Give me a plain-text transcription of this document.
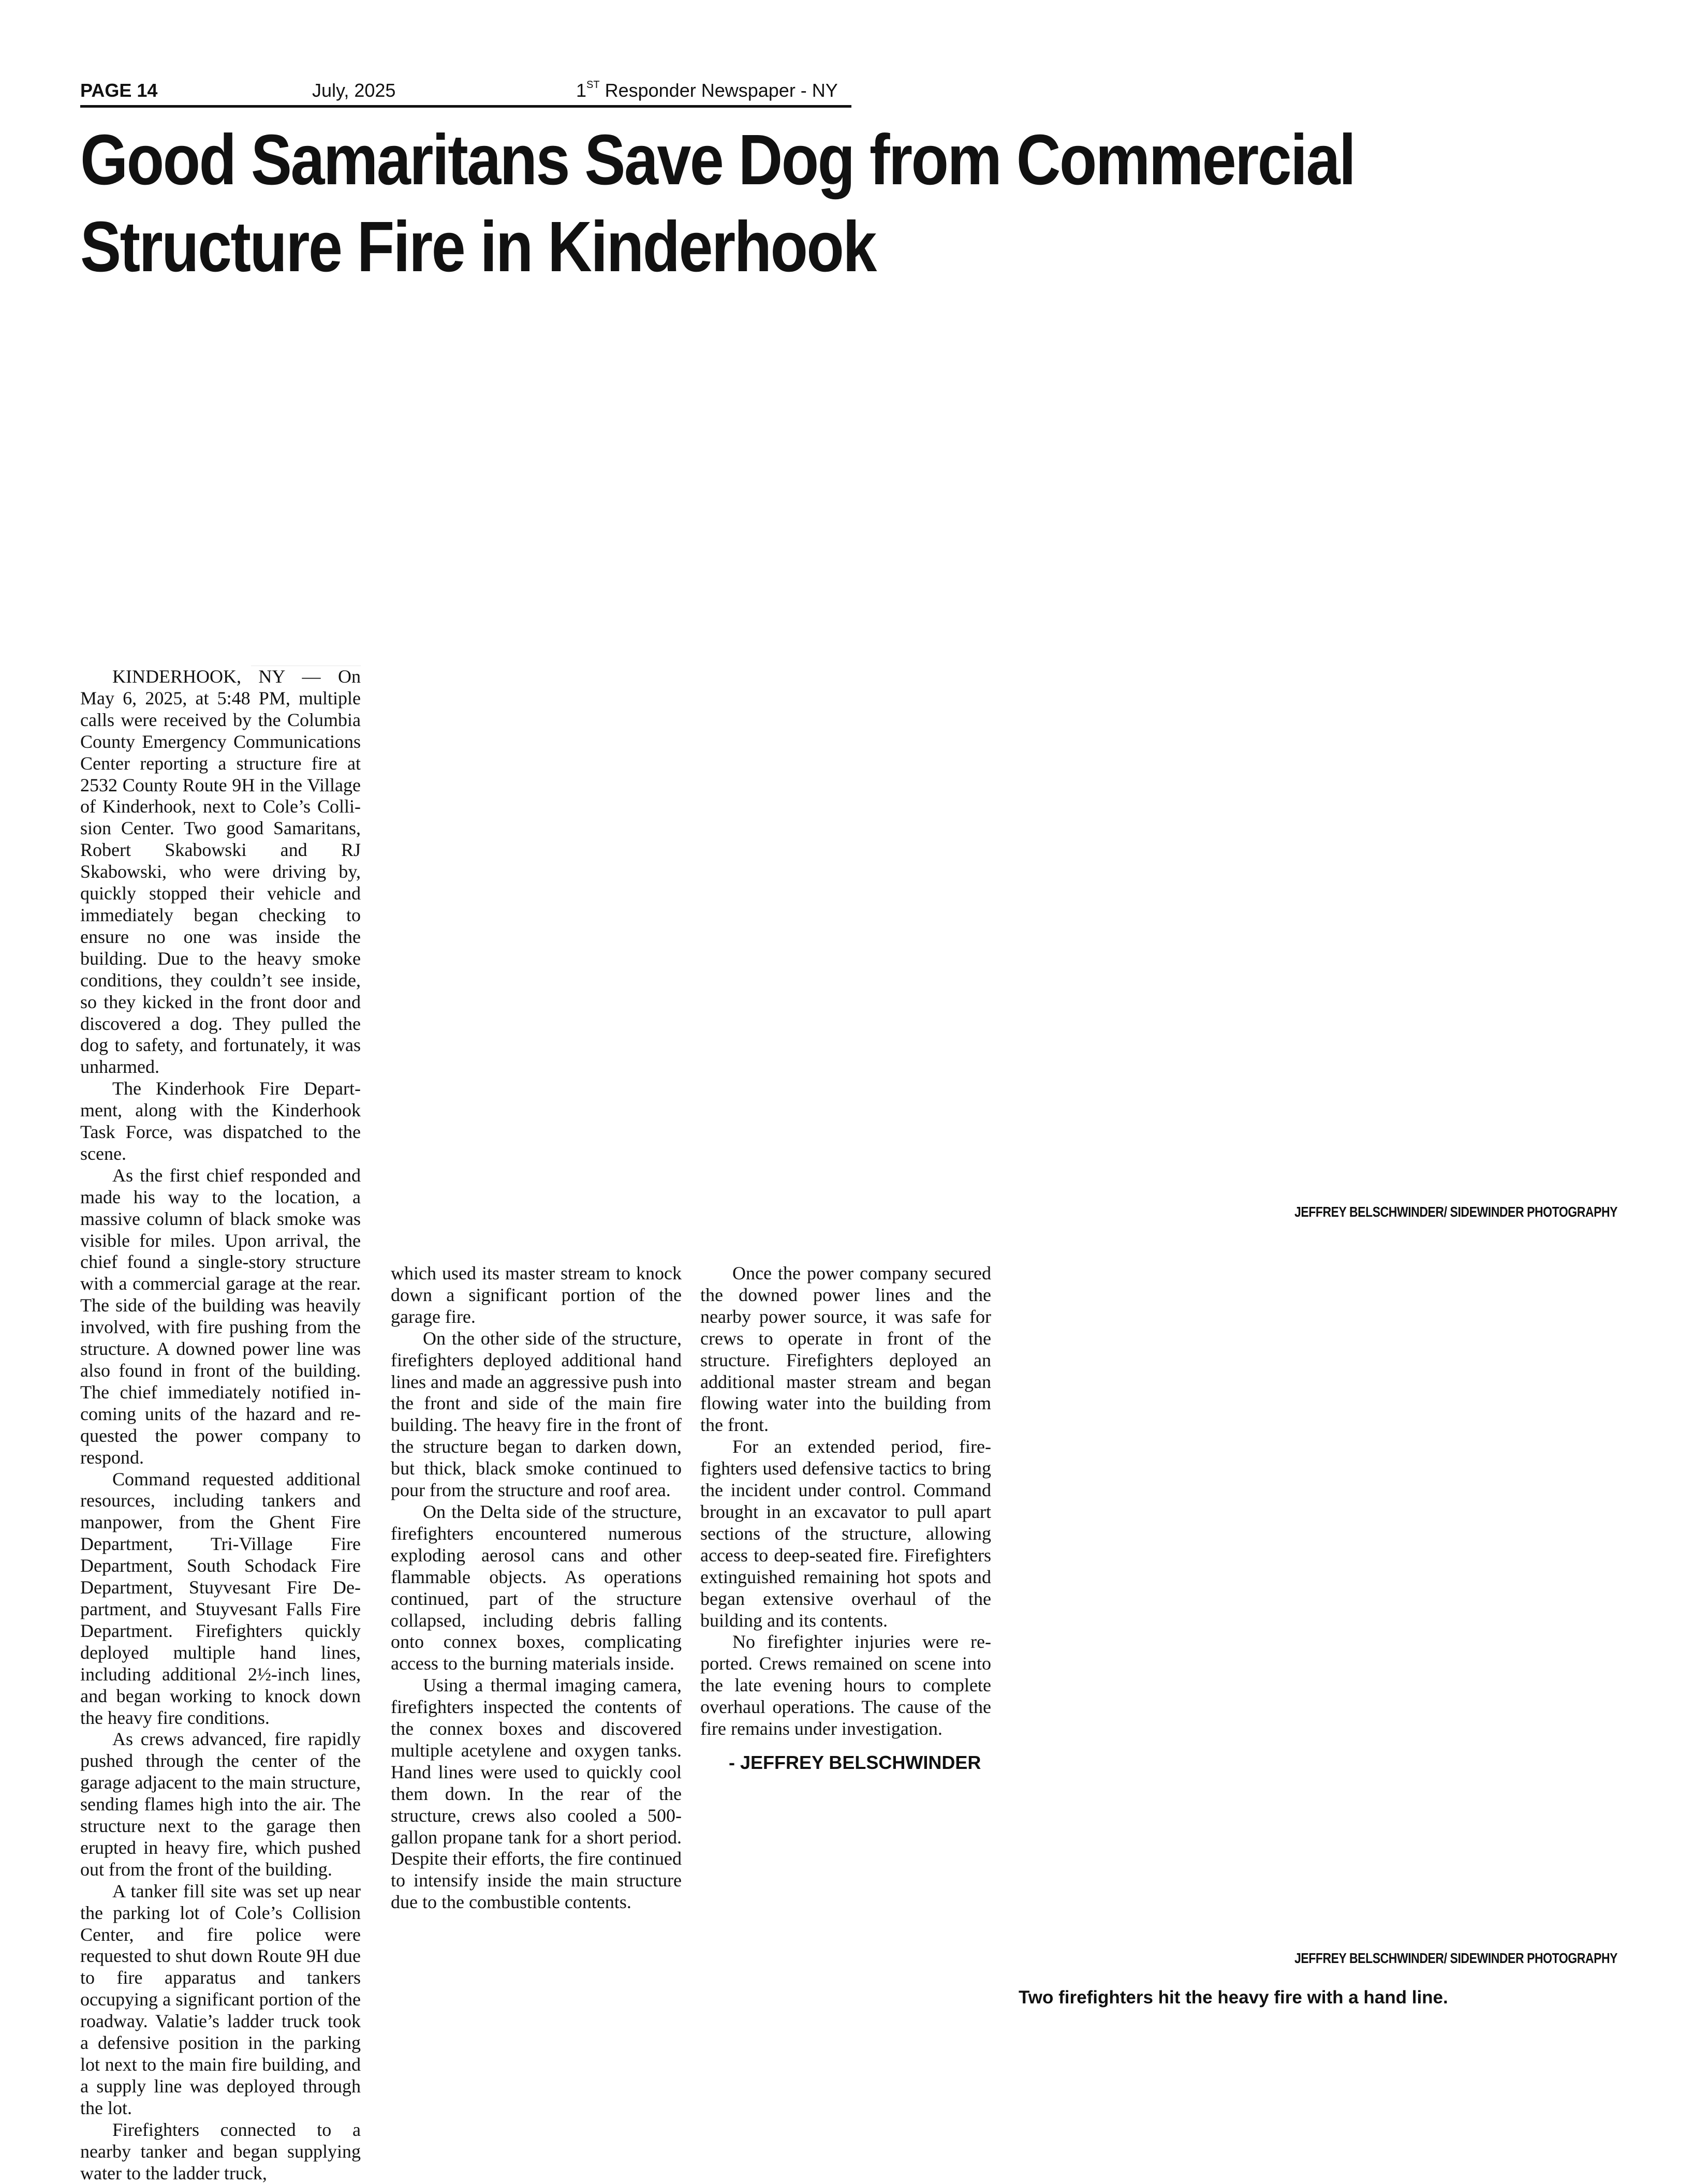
PAGE 14	July, 2025	1ST Responder Newspaper - NY
Good Samaritans Save Dog from Commercial Structure Fire in Kinderhook
JEFFREY BELSCHWINDER/ SIDEWINDER PHOTOGRAPHY
JEFFREY BELSCHWINDER/ SIDEWINDER PHOTOGRAPHY
Two firefighters hit the heavy fire with a hand line.

KINDERHOOK, NY — On May 6, 2025, at 5:48 PM, multiple calls were received by the Columbia County Emergency Communications Center reporting a structure fire at 2532 County Route 9H in the Village of Kinderhook, next to Cole’s Collision Center. Two good Samaritans, Robert Skabowski and RJ Skabowski, who were driving by, quickly stopped their vehicle and immediately began checking to ensure no one was inside the building. Due to the heavy smoke conditions, they couldn’t see inside, so they kicked in the front door and discovered a dog. They pulled the dog to safety, and fortunately, it was unharmed.

The Kinderhook Fire Department, along with the Kinderhook Task Force, was dispatched to the scene.

As the first chief responded and made his way to the location, a massive column of black smoke was visible for miles. Upon arrival, the chief found a single-story structure with a commercial garage at the rear. The side of the building was heavily involved, with fire pushing from the structure. A downed power line was also found in front of the building. The chief immediately notified incoming units of the hazard and requested the power company to respond.

Command requested additional resources, including tankers and manpower, from the Ghent Fire Department, Tri-Village Fire Department, South Schodack Fire Department, Stuyvesant Fire Department, and Stuyvesant Falls Fire Department. Firefighters quickly deployed multiple hand lines, including additional 2½-inch lines, and began working to knock down the heavy fire conditions.

As crews advanced, fire rapidly pushed through the center of the garage adjacent to the main structure, sending flames high into the air. The structure next to the garage then erupted in heavy fire, which pushed out from the front of the building.

A tanker fill site was set up near the parking lot of Cole’s Collision Center, and fire police were requested to shut down Route 9H due to fire apparatus and tankers occupying a significant portion of the roadway. Valatie’s ladder truck took a defensive position in the parking lot next to the main fire building, and a supply line was deployed through the lot.

Firefighters connected to a nearby tanker and began supplying water to the ladder truck,

which used its master stream to knock down a significant portion of the garage fire.

On the other side of the structure, firefighters deployed additional hand lines and made an aggressive push into the front and side of the main fire building. The heavy fire in the front of the structure began to darken down, but thick, black smoke continued to pour from the structure and roof area.

On the Delta side of the structure, firefighters encountered numerous exploding aerosol cans and other flammable objects. As operations continued, part of the structure collapsed, including debris falling onto connex boxes, complicating access to the burning materials inside.

Using a thermal imaging camera, firefighters inspected the contents of the connex boxes and discovered multiple acetylene and oxygen tanks. Hand lines were used to quickly cool them down. In the rear of the structure, crews also cooled a 500-gallon propane tank for a short period. Despite their efforts, the fire continued to intensify inside the main structure due to the combustible contents.

Once the power company secured the downed power lines and the nearby power source, it was safe for crews to operate in front of the structure. Firefighters deployed an additional master stream and began flowing water into the building from the front.

For an extended period, firefighters used defensive tactics to bring the incident under control. Command brought in an excavator to pull apart sections of the structure, allowing access to deep-seated fire. Firefighters extinguished remaining hot spots and began extensive overhaul of the building and its contents.

No firefighter injuries were reported. Crews remained on scene into the late evening hours to complete overhaul operations. The cause of the fire remains under investigation.

- JEFFREY BELSCHWINDER
